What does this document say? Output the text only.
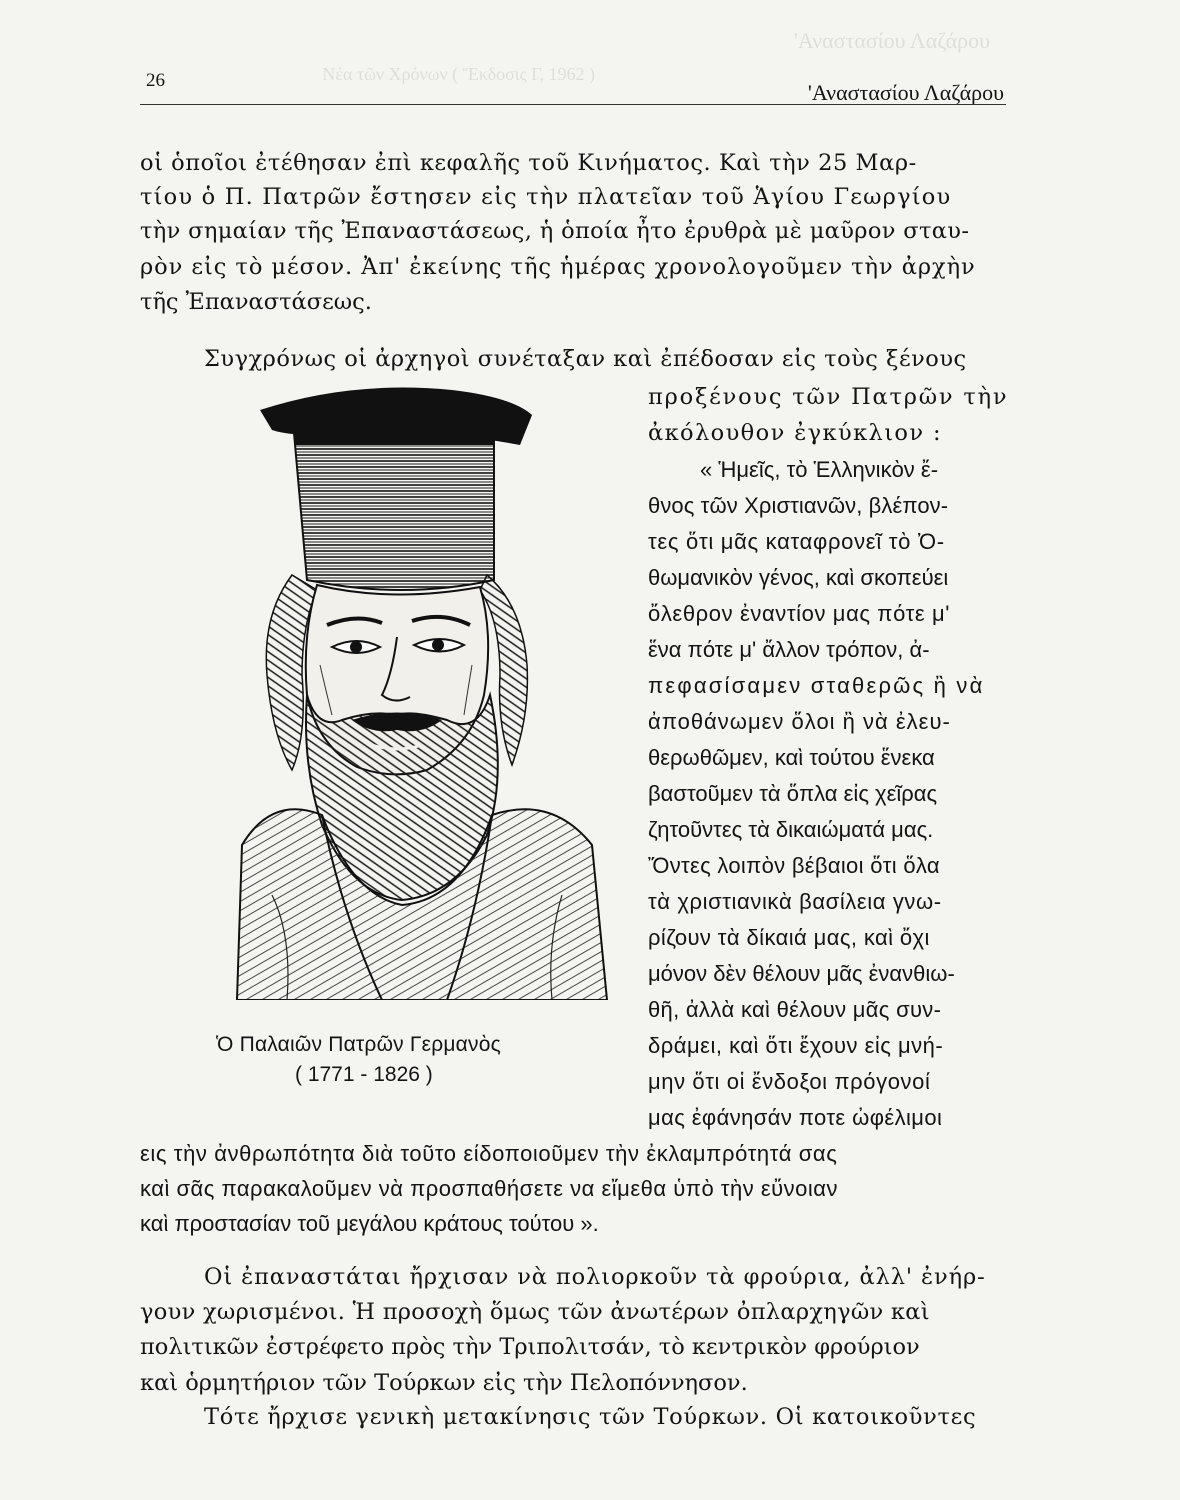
'Αναστασίου Λαζάρου
Νέα τῶν Χρόνων ( Ἔκδοσις Γ, 1962 )
26	'Αναστασίου Λαζάρου
οἱ ὁποῖοι ἐτέθησαν ἐπὶ κεφαλῆς τοῦ Κινήματος. Καὶ τὴν 25 Μαρ-
τίου ὁ Π. Πατρῶν ἔστησεν εἰς τὴν πλατεῖαν τοῦ Ἁγίου Γεωργίου
τὴν σημαίαν τῆς Ἐπαναστάσεως, ἡ ὁποία ἦτο ἐρυθρὰ μὲ μαῦρον σταυ-
ρὸν εἰς τὸ μέσον. Ἀπ' ἐκείνης τῆς ἡμέρας χρονολογοῦμεν τὴν ἀρχὴν
τῆς Ἐπαναστάσεως.
Συγχρόνως οἱ ἀρχηγοὶ συνέταξαν καὶ ἐπέδοσαν εἰς τοὺς ξένους
προξένους τῶν Πατρῶν τὴν
ἀκόλουθον ἐγκύκλιον :
« Ἡμεῖς, τὸ Ἑλληνικὸν ἔ-
θνος τῶν Χριστιανῶν, βλέπον-
τες ὅτι μᾶς καταφρονεῖ τὸ Ὀ-
θωμανικὸν γένος, καὶ σκοπεύει
ὄλεθρον ἐναντίον μας πότε μ'
ἕνα πότε μ' ἄλλον τρόπον, ἀ-
πεφασίσαμεν σταθερῶς ἢ νὰ
ἀποθάνωμεν ὅλοι ἢ νὰ ἐλευ-
θερωθῶμεν, καὶ τούτου ἕνεκα
βαστοῦμεν τὰ ὅπλα εἰς χεῖρας
ζητοῦντες τὰ δικαιώματά μας.
Ὄντες λοιπὸν βέβαιοι ὅτι ὅλα
τὰ χριστιανικὰ βασίλεια γνω-
ρίζουν τὰ δίκαιά μας, καὶ ὄχι
μόνον δὲν θέλουν μᾶς ἐνανθιω-
θῆ, ἀλλὰ καὶ θέλουν μᾶς συν-
δράμει, καὶ ὅτι ἔχουν εἰς μνή-
μην ὅτι οἱ ἔνδοξοι πρόγονοί
μας ἐφάνησάν ποτε ὠφέλιμοι
εις τὴν ἀνθρωπότητα διὰ τοῦτο είδοποιοῦμεν τὴν ἐκλαμπρότητά σας
καὶ σᾶς παρακαλοῦμεν νὰ προσπαθήσετε να εἴμεθα ὑπὸ τὴν εὔνοιαν
καὶ προστασίαν τοῦ μεγάλου κράτους τούτου ».
Οἱ ἐπαναστάται ἤρχισαν νὰ πολιορκοῦν τὰ φρούρια, ἀλλ' ἐνήρ-
γουν χωρισμένοι. Ἡ προσοχὴ ὅμως τῶν ἀνωτέρων ὀπλαρχηγῶν καὶ
πολιτικῶν ἐστρέφετο πρὸς τὴν Τριπολιτσάν, τὸ κεντρικὸν φρούριον
καὶ ὁρμητήριον τῶν Τούρκων εἰς τὴν Πελοπόννησον.
Τότε ἤρχισε γενικὴ μετακίνησις τῶν Τούρκων. Οἱ κατοικοῦντες
Ὁ Παλαιῶν Πατρῶν Γερμανὸς
( 1771 - 1826 )
